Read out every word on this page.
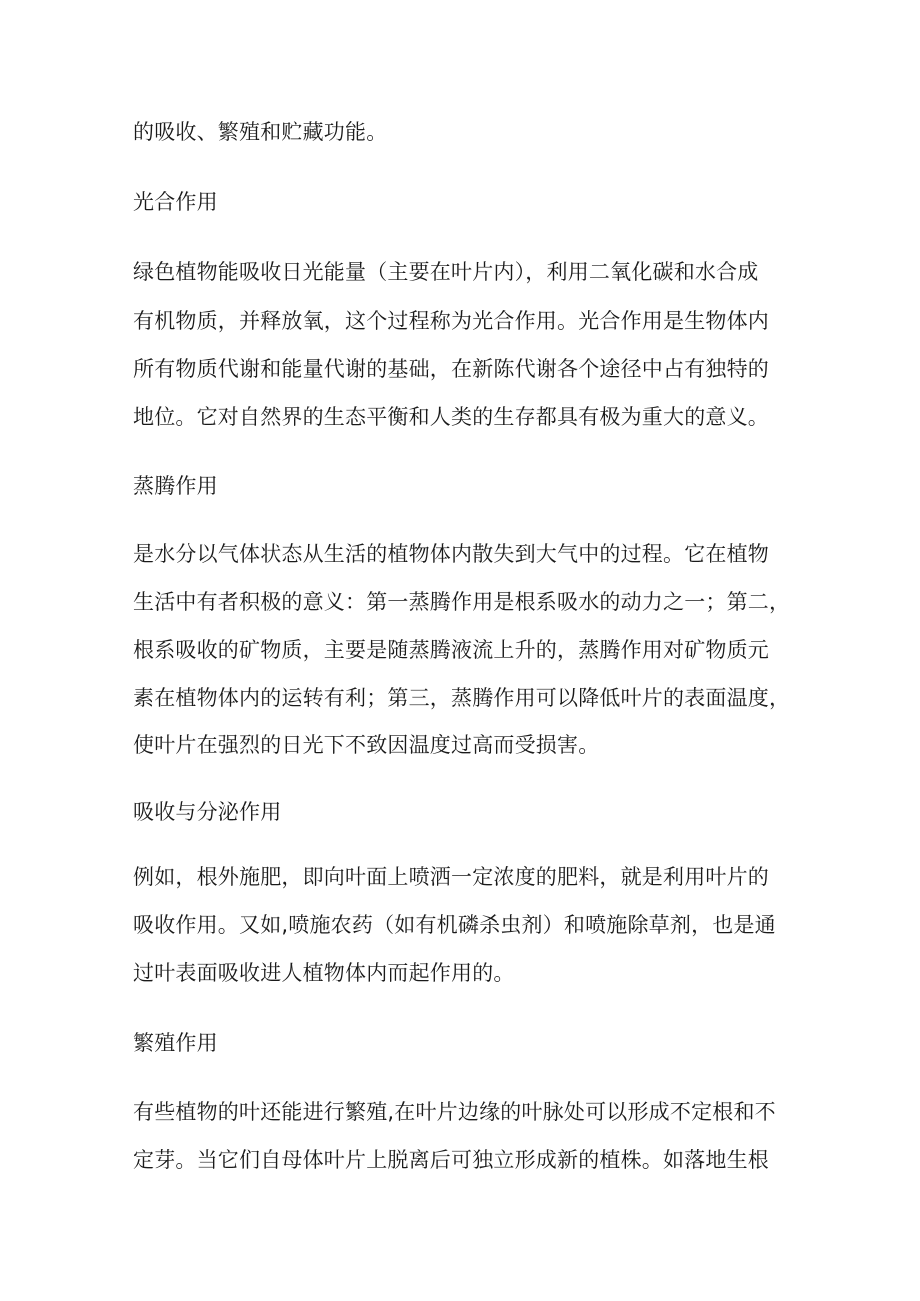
的吸收、繁殖和贮藏功能。
光合作用
绿色植物能吸收日光能量（主要在叶片内），利用二氧化碳和水合成
有机物质，并释放氧，这个过程称为光合作用。光合作用是生物体内
所有物质代谢和能量代谢的基础，在新陈代谢各个途径中占有独特的
地位。它对自然界的生态平衡和人类的生存都具有极为重大的意义。
蒸腾作用
是水分以气体状态从生活的植物体内散失到大气中的过程。它在植物
生活中有者积极的意义：第一蒸腾作用是根系吸水的动力之一；第二，
根系吸收的矿物质，主要是随蒸腾液流上升的，蒸腾作用对矿物质元
素在植物体内的运转有利；第三，蒸腾作用可以降低叶片的表面温度，
使叶片在强烈的日光下不致因温度过高而受损害。
吸收与分泌作用
例如，根外施肥，即向叶面上喷洒一定浓度的肥料，就是利用叶片的
吸收作用。又如,喷施农药（如有机磷杀虫剂）和喷施除草剂，也是通
过叶表面吸收进人植物体内而起作用的。
繁殖作用
有些植物的叶还能进行繁殖,在叶片边缘的叶脉处可以形成不定根和不
定芽。当它们自母体叶片上脱离后可独立形成新的植株。如落地生根
